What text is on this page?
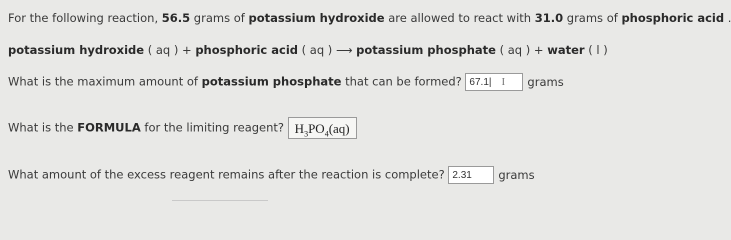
For the following reaction, 56.5 grams of potassium hydroxide are allowed to react with 31.0 grams of phosphoric acid .
potassium hydroxide ( aq ) + phosphoric acid ( aq ) ⟶ potassium phosphate ( aq ) + water ( l )
What is the maximum amount of potassium phosphate that can be formed? 67.1| I grams
What is the FORMULA for the limiting reagent? $H_3PO_4(aq)$
What amount of the excess reagent remains after the reaction is complete? 2.31 grams
